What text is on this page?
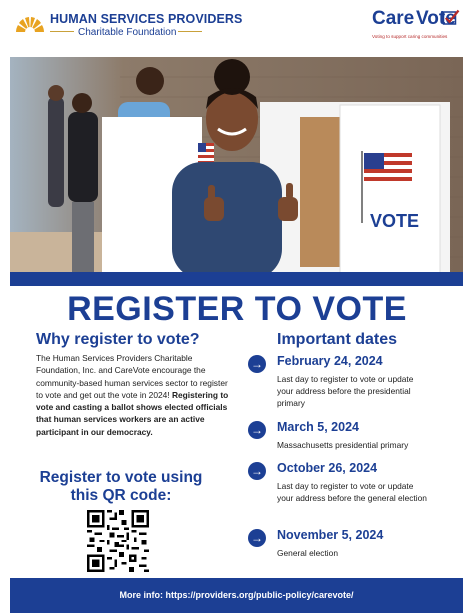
HUMAN SERVICES PROVIDERS
Charitable Foundation
Care Vote
Voting to support caring communities
VOTE
REGISTER TO VOTE
Why register to vote?
The Human Services Providers Charitable Foundation, Inc. and CareVote encourage the community-based human services sector to register to vote and get out the vote in 2024! Registering to vote and casting a ballot shows elected officials that human services workers are an active participant in our democracy.
Register to vote using this QR code:
Important dates
→ February 24, 2024
Last day to register to vote or update your address before the presidential primary
→ March 5, 2024
Massachusetts presidential primary
→ October 26, 2024
Last day to register to vote or update your address before the general election
→ November 5, 2024
General election
More info: https://providers.org/public-policy/carevote/
